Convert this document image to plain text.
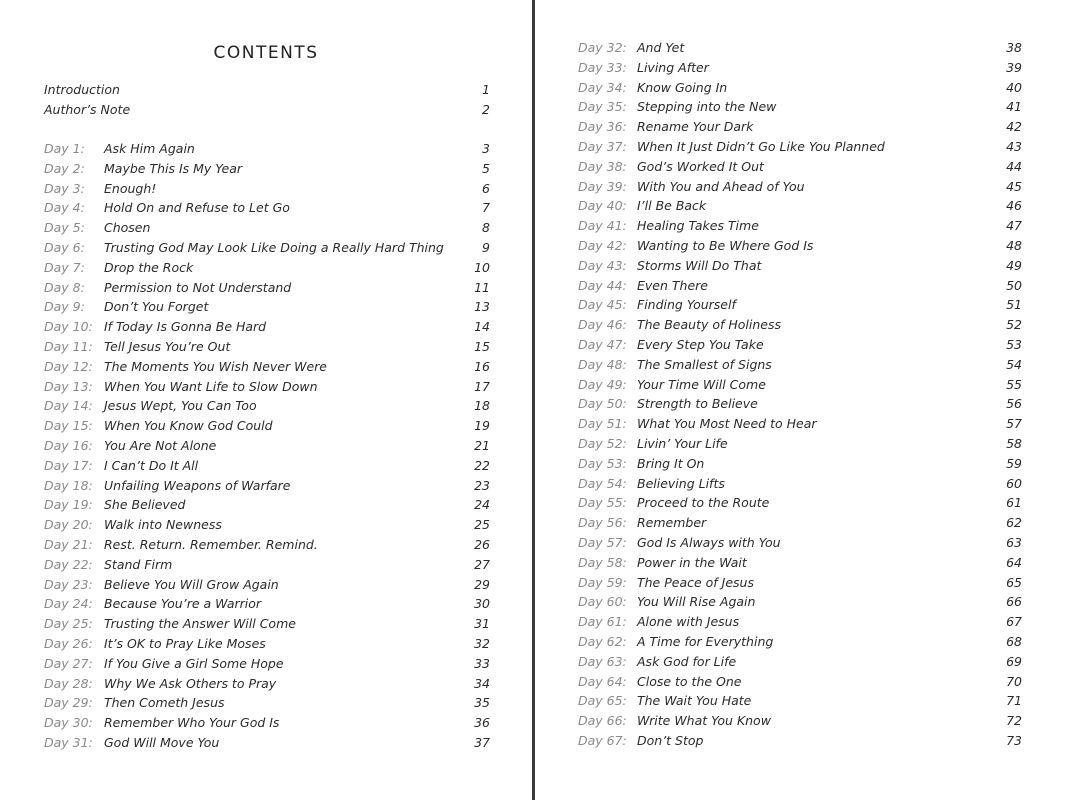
CONTENTS
Introduction	1
Author’s Note	2
Day 1: Ask Him Again	3
Day 2: Maybe This Is My Year	5
Day 3: Enough!	6
Day 4: Hold On and Refuse to Let Go	7
Day 5: Chosen	8
Day 6: Trusting God May Look Like Doing a Really Hard Thing	9
Day 7: Drop the Rock	10
Day 8: Permission to Not Understand	11
Day 9: Don’t You Forget	13
Day 10: If Today Is Gonna Be Hard	14
Day 11: Tell Jesus You’re Out	15
Day 12: The Moments You Wish Never Were	16
Day 13: When You Want Life to Slow Down	17
Day 14: Jesus Wept, You Can Too	18
Day 15: When You Know God Could	19
Day 16: You Are Not Alone	21
Day 17: I Can’t Do It All	22
Day 18: Unfailing Weapons of Warfare	23
Day 19: She Believed	24
Day 20: Walk into Newness	25
Day 21: Rest. Return. Remember. Remind.	26
Day 22: Stand Firm	27
Day 23: Believe You Will Grow Again	29
Day 24: Because You’re a Warrior	30
Day 25: Trusting the Answer Will Come	31
Day 26: It’s OK to Pray Like Moses	32
Day 27: If You Give a Girl Some Hope	33
Day 28: Why We Ask Others to Pray	34
Day 29: Then Cometh Jesus	35
Day 30: Remember Who Your God Is	36
Day 31: God Will Move You	37
Day 32: And Yet	38
Day 33: Living After	39
Day 34: Know Going In	40
Day 35: Stepping into the New	41
Day 36: Rename Your Dark	42
Day 37: When It Just Didn’t Go Like You Planned	43
Day 38: God’s Worked It Out	44
Day 39: With You and Ahead of You	45
Day 40: I’ll Be Back	46
Day 41: Healing Takes Time	47
Day 42: Wanting to Be Where God Is	48
Day 43: Storms Will Do That	49
Day 44: Even There	50
Day 45: Finding Yourself	51
Day 46: The Beauty of Holiness	52
Day 47: Every Step You Take	53
Day 48: The Smallest of Signs	54
Day 49: Your Time Will Come	55
Day 50: Strength to Believe	56
Day 51: What You Most Need to Hear	57
Day 52: Livin’ Your Life	58
Day 53: Bring It On	59
Day 54: Believing Lifts	60
Day 55: Proceed to the Route	61
Day 56: Remember	62
Day 57: God Is Always with You	63
Day 58: Power in the Wait	64
Day 59: The Peace of Jesus	65
Day 60: You Will Rise Again	66
Day 61: Alone with Jesus	67
Day 62: A Time for Everything	68
Day 63: Ask God for Life	69
Day 64: Close to the One	70
Day 65: The Wait You Hate	71
Day 66: Write What You Know	72
Day 67: Don’t Stop	73
